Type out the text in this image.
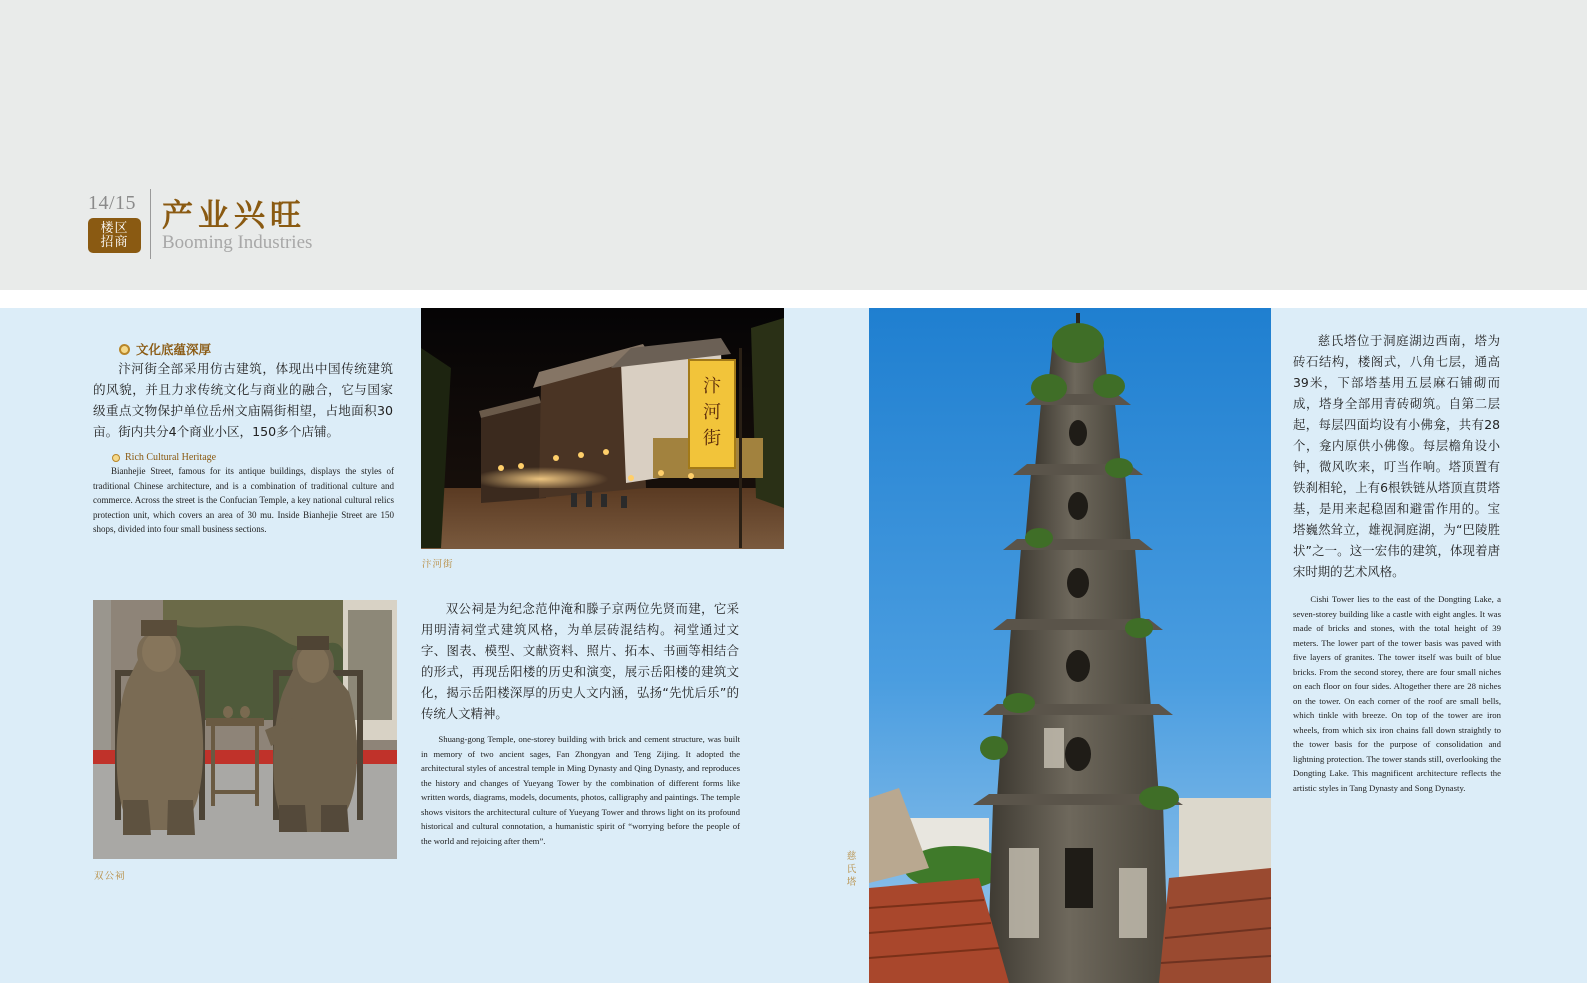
14/15
楼区
招商
产业兴旺
Booming Industries
文化底蕴深厚
汴河街全部采用仿古建筑，体现出中国传统建筑的风貌，并且力求传统文化与商业的融合，它与国家级重点文物保护单位岳州文庙隔街相望，占地面积30亩。街内共分4个商业小区，150多个店铺。
Rich Cultural Heritage
Bianhejie Street, famous for its antique buildings, displays the styles of traditional Chinese architecture, and is a combination of traditional culture and commerce. Across the street is the Confucian Temple, a key national cultural relics protection unit, which covers an area of 30 mu. Inside Bianhejie Street are 150 shops, divided into four small business sections.
汴
河
街
汴河街
双公祠
双公祠是为纪念范仲淹和滕子京两位先贤而建，它采用明清祠堂式建筑风格，为单层砖混结构。祠堂通过文字、图表、模型、文献资料、照片、拓本、书画等相结合的形式，再现岳阳楼的历史和演变，展示岳阳楼的建筑文化，揭示岳阳楼深厚的历史人文内涵，弘扬“先忧后乐”的传统人文精神。
Shuang-gong Temple, one-storey building with brick and cement structure, was built in memory of two ancient sages, Fan Zhongyan and Teng Zijing. It adopted the architectural styles of ancestral temple in Ming Dynasty and Qing Dynasty, and reproduces the history and changes of Yueyang Tower by the combination of different forms like written words, diagrams, models, documents, photos, calligraphy and paintings. The temple shows visitors the architectural culture of Yueyang Tower and throws light on its profound historical and cultural connotation, a humanistic spirit of “worrying before the people of the world and rejoicing after them”.
慈
氏
塔
慈氏塔位于洞庭湖边西南，塔为砖石结构，楼阁式，八角七层，通高39米，下部塔基用五层麻石铺砌而成，塔身全部用青砖砌筑。自第二层起，每层四面均设有小佛龛，共有28个，龛内原供小佛像。每层檐角设小钟，微风吹来，叮当作响。塔顶置有铁刹相轮，上有6根铁链从塔顶直贯塔基，是用来起稳固和避雷作用的。宝塔巍然耸立，雄视洞庭湖，为“巴陵胜状”之一。这一宏伟的建筑，体现着唐宋时期的艺术风格。
Cishi Tower lies to the east of the Dongting Lake, a seven-storey building like a castle with eight angles. It was made of bricks and stones, with the total height of 39 meters. The lower part of the tower basis was paved with five layers of granites. The tower itself was built of blue bricks. From the second storey, there are four small niches on each floor on four sides. Altogether there are 28 niches on the tower. On each corner of the roof are small bells, which tinkle with breeze. On top of the tower are iron wheels, from which six iron chains fall down straightly to the tower basis for the purpose of consolidation and lightning protection. The tower stands still, overlooking the Dongting Lake. This magnificent architecture reflects the artistic styles in Tang Dynasty and Song Dynasty.
